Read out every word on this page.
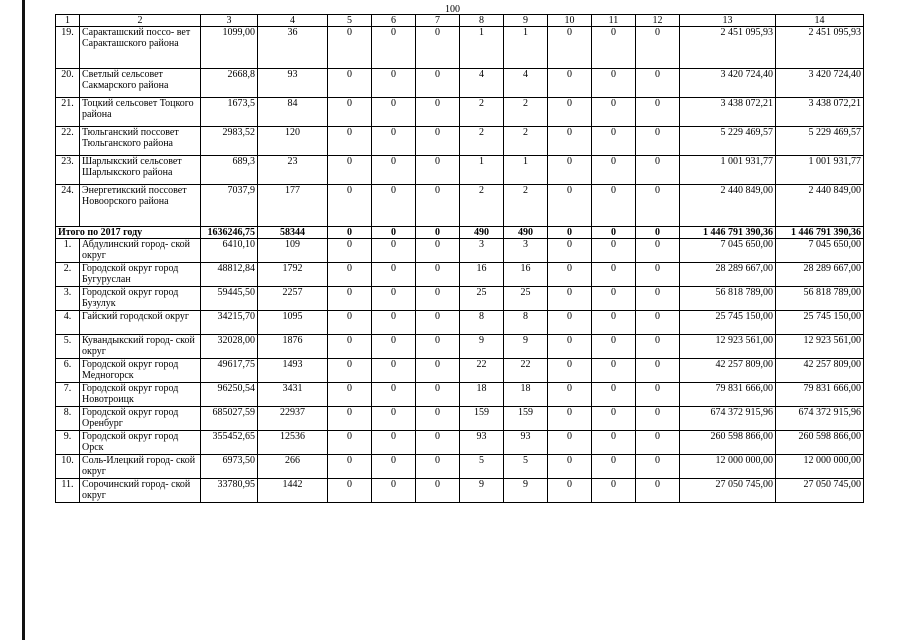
100
1	2	3	4	5	6	7	8	9	10	11	12	13	14
19.	Саракташский поссо- вет Саракташского района	1099,00	36	0	0	0	1	1	0	0	0	2 451 095,93	2 451 095,93
20.	Светлый сельсовет Сакмарского района	2668,8	93	0	0	0	4	4	0	0	0	3 420 724,40	3 420 724,40
21.	Тоцкий сельсовет Тоцкого района	1673,5	84	0	0	0	2	2	0	0	0	3 438 072,21	3 438 072,21
22.	Тюльганский поссовет Тюльганского района	2983,52	120	0	0	0	2	2	0	0	0	5 229 469,57	5 229 469,57
23.	Шарлыкский сельсовет Шарлыкского района	689,3	23	0	0	0	1	1	0	0	0	1 001 931,77	1 001 931,77
24.	Энергетикский поссовет Новоорского района	7037,9	177	0	0	0	2	2	0	0	0	2 440 849,00	2 440 849,00
Итого по 2017 году		1636246,75	58344	0	0	0	490	490	0	0	0	1 446 791 390,36	1 446 791 390,36
1.	Абдулинский город- ской округ	6410,10	109	0	0	0	3	3	0	0	0	7 045 650,00	7 045 650,00
2.	Городской округ город Бугуруслан	48812,84	1792	0	0	0	16	16	0	0	0	28 289 667,00	28 289 667,00
3.	Городской округ город Бузулук	59445,50	2257	0	0	0	25	25	0	0	0	56 818 789,00	56 818 789,00
4.	Гайский городской округ	34215,70	1095	0	0	0	8	8	0	0	0	25 745 150,00	25 745 150,00
5.	Кувандыкский город- ской округ	32028,00	1876	0	0	0	9	9	0	0	0	12 923 561,00	12 923 561,00
6.	Городской округ город Медногорск	49617,75	1493	0	0	0	22	22	0	0	0	42 257 809,00	42 257 809,00
7.	Городской округ город Новотроицк	96250,54	3431	0	0	0	18	18	0	0	0	79 831 666,00	79 831 666,00
8.	Городской округ город Оренбург	685027,59	22937	0	0	0	159	159	0	0	0	674 372 915,96	674 372 915,96
9.	Городской округ город Орск	355452,65	12536	0	0	0	93	93	0	0	0	260 598 866,00	260 598 866,00
10.	Соль-Илецкий город- ской округ	6973,50	266	0	0	0	5	5	0	0	0	12 000 000,00	12 000 000,00
11.	Сорочинский город- ской округ	33780,95	1442	0	0	0	9	9	0	0	0	27 050 745,00	27 050 745,00
